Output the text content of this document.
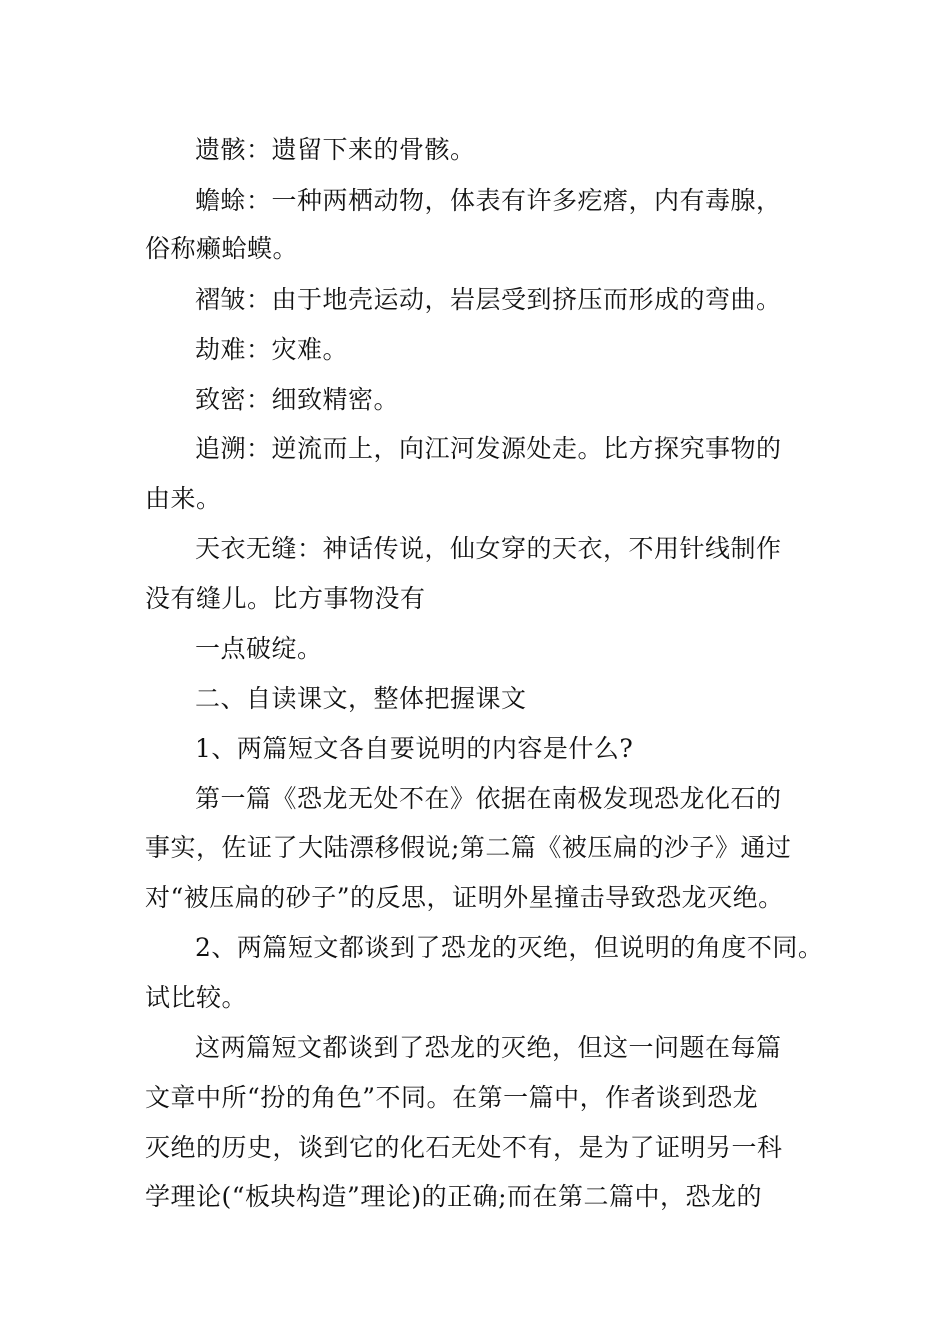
遗骸：遗留下来的骨骸。
蟾蜍：一种两栖动物，体表有许多疙瘩，内有毒腺，
俗称癞蛤蟆。
褶皱：由于地壳运动，岩层受到挤压而形成的弯曲。
劫难：灾难。
致密：细致精密。
追溯：逆流而上，向江河发源处走。比方探究事物的
由来。
天衣无缝：神话传说，仙女穿的天衣，不用针线制作
没有缝儿。比方事物没有
一点破绽。
二、自读课文，整体把握课文
1、两篇短文各自要说明的内容是什么?
第一篇《恐龙无处不在》依据在南极发现恐龙化石的
事实，佐证了大陆漂移假说;第二篇《被压扁的沙子》通过
对“被压扁的砂子”的反思，证明外星撞击导致恐龙灭绝。
2、两篇短文都谈到了恐龙的灭绝，但说明的角度不同。
试比较。
这两篇短文都谈到了恐龙的灭绝，但这一问题在每篇
文章中所“扮的角色”不同。在第一篇中，作者谈到恐龙
灭绝的历史，谈到它的化石无处不有，是为了证明另一科
学理论(“板块构造”理论)的正确;而在第二篇中，恐龙的
